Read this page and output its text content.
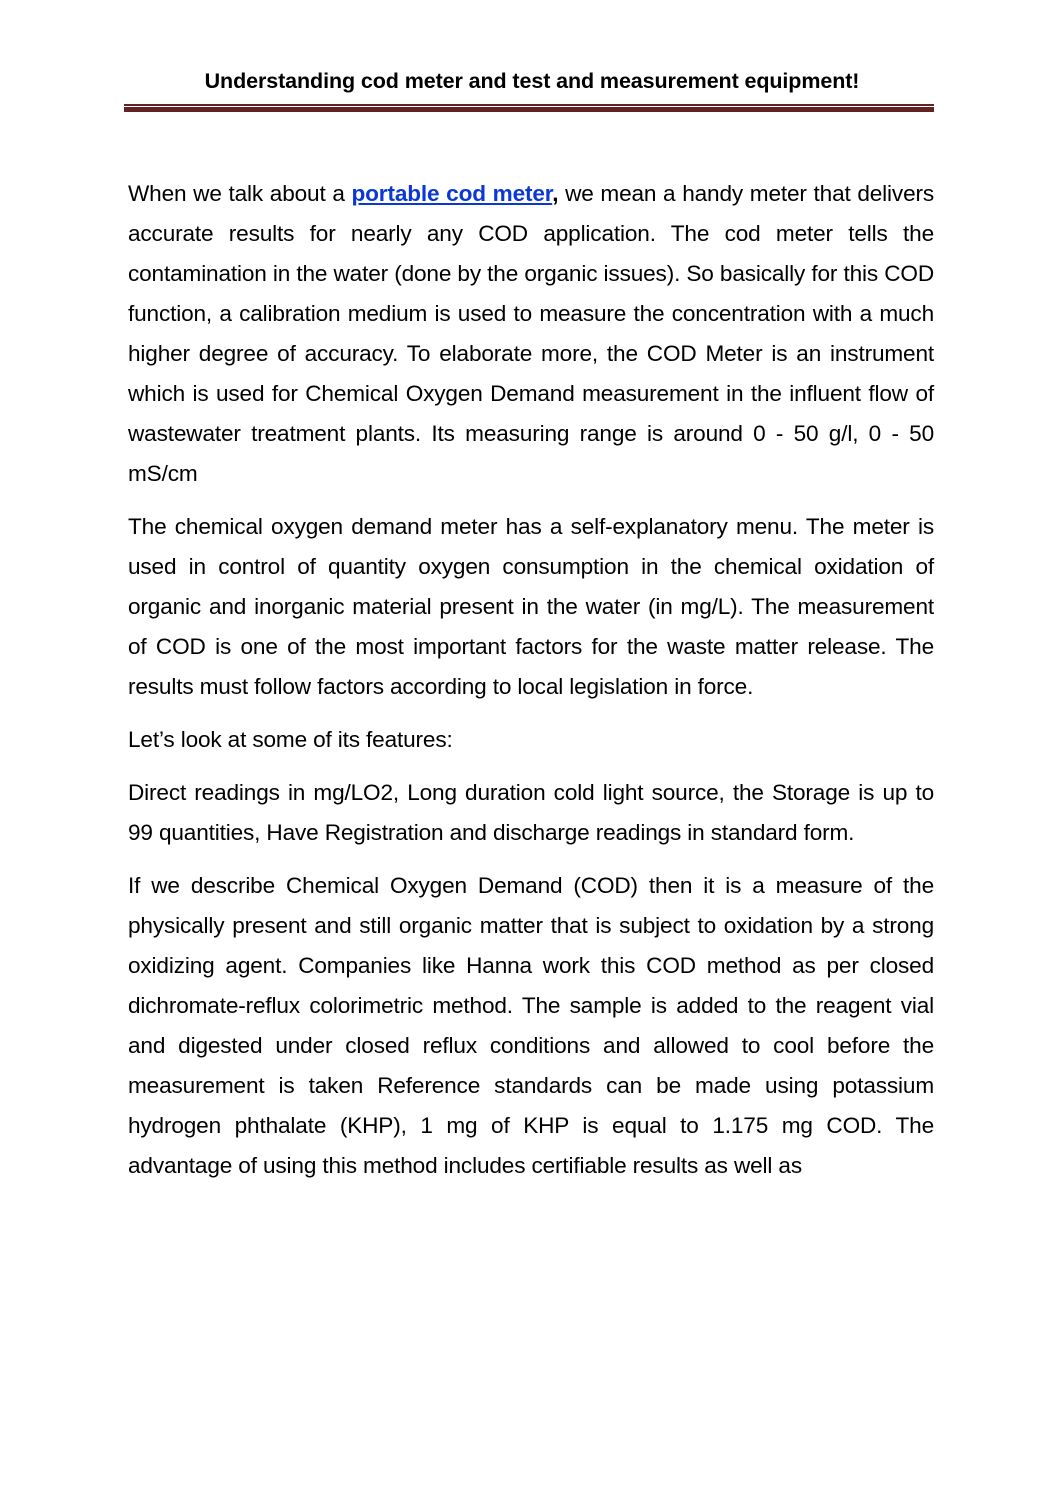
Understanding cod meter and test and measurement equipment!

When we talk about a portable cod meter, we mean a handy meter that delivers accurate results for nearly any COD application. The cod meter tells the contamination in the water (done by the organic issues). So basically for this COD function, a calibration medium is used to measure the concentration with a much higher degree of accuracy. To elaborate more, the COD Meter is an instrument which is used for Chemical Oxygen Demand measurement in the influent flow of wastewater treatment plants. Its measuring range is around 0 - 50 g/l, 0 - 50 mS/cm

The chemical oxygen demand meter has a self-explanatory menu. The meter is used in control of quantity oxygen consumption in the chemical oxidation of organic and inorganic material present in the water (in mg/L). The measurement of COD is one of the most important factors for the waste matter release. The results must follow factors according to local legislation in force.

Let’s look at some of its features:

Direct readings in mg/LO2, Long duration cold light source, the Storage is up to 99 quantities, Have Registration and discharge readings in standard form.

If we describe Chemical Oxygen Demand (COD) then it is a measure of the physically present and still organic matter that is subject to oxidation by a strong oxidizing agent. Companies like Hanna work this COD method as per closed dichromate-reflux colorimetric method. The sample is added to the reagent vial and digested under closed reflux conditions and allowed to cool before the measurement is taken Reference standards can be made using potassium hydrogen phthalate (KHP), 1 mg of KHP is equal to 1.175 mg COD. The advantage of using this method includes certifiable results as well as
